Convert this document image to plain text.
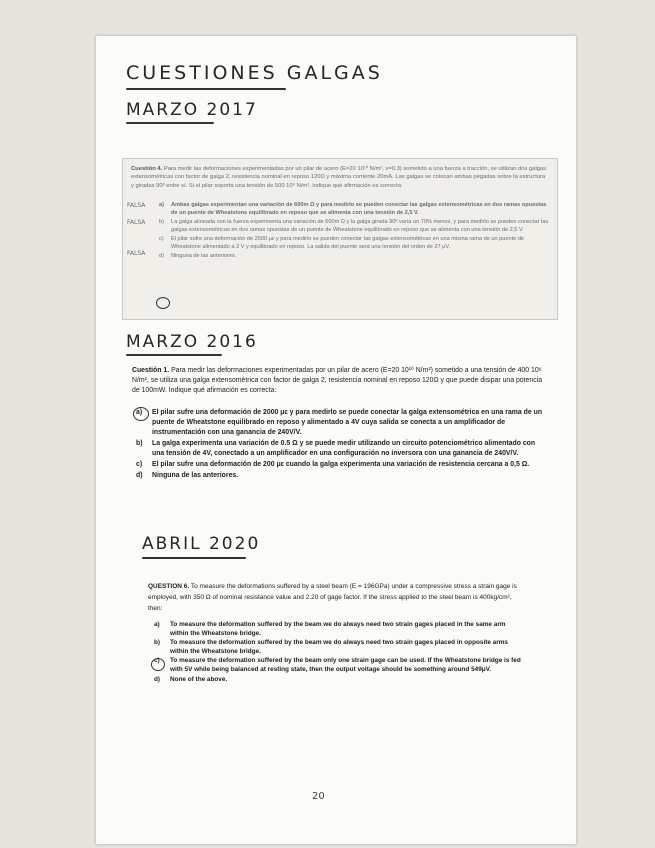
CUESTIONES GALGAS
MARZO 2017
Cuestión 4. Para medir las deformaciones experimentadas por un pilar de acero (E=20 10¹⁰ N/m², ν=0.3) sometido a una fuerza a tracción, se utilizan dos galgas extensométricas con factor de galga 2, resistencia nominal en reposo 120Ω y máxima corriente 20mA. Las galgas se colocan ambas pegadas sobre la estructura y giradas 90º entre sí. Si el pilar soporta una tensión de 500 10⁶ N/m², indique qué afirmación es correcta:
a) Ambas galgas experimentan una variación de 600m Ω y para medirlo se pueden conectar las galgas extensométricas en dos ramas opuestas de un puente de Wheatstone equilibrado en reposo que se alimenta con una tensión de 2,5 V.
b) La galga alineada con la fuerza experimenta una variación de 600m Ω y la galga girada 90º varía un 70% menos, y para medirlo se pueden conectar las galgas extensométricas en dos ramas opuestas de un puente de Wheatstone equilibrado en reposo que se alimenta con una tensión de 2,5 V.
c) El pilar sufre una deformación de 2500 με y para medirlo se pueden conectar las galgas extensométricas en una misma rama de un puente de Wheatstone alimentado a 2 V y equilibrado en reposo. La salida del puente será una tensión del orden de 27 μV.
d) Ninguna de las anteriores.
FALSA
FALSA
FALSA
MARZO 2016
Cuestión 1. Para medir las deformaciones experimentadas por un pilar de acero (E=20 10¹⁰ N/m²) sometido a una tensión de 400 10⁶ N/m², se utiliza una galga extensométrica con factor de galga 2, resistencia nominal en reposo 120Ω y que puede disipar una potencia de 100mW. Indique qué afirmación es correcta:
a) El pilar sufre una deformación de 2000 με y para medirlo se puede conectar la galga extensométrica en una rama de un puente de Wheatstone equilibrado en reposo y alimentado a 4V cuya salida se conecta a un amplificador de instrumentación con una ganancia de 240V/V.
b) La galga experimenta una variación de 0.5 Ω y se puede medir utilizando un circuito potenciométrico alimentado con una tensión de 4V, conectado a un amplificador en una configuración no inversora con una ganancia de 240V/V.
c) El pilar sufre una deformación de 200 με cuando la galga experimenta una variación de resistencia cercana a 0,5 Ω.
d) Ninguna de las anteriores.
ABRIL 2020
QUESTION 6. To measure the deformations suffered by a steel beam (E = 196GPa) under a compressive stress a strain gage is employed, with 350 Ω of nominal resistance value and 2.20 of gage factor. If the stress applied to the steel beam is 400kg/cm², then:
a) To measure the deformation suffered by the beam we do always need two strain gages placed in the same arm within the Wheatstone bridge.
b) To measure the deformation suffered by the beam we do always need two strain gages placed in opposite arms within the Wheatstone bridge.
c) To measure the deformation suffered by the beam only one strain gage can be used. If the Wheatstone bridge is fed with 5V while being balanced at resting state, then the output voltage should be something around 549μV.
d) None of the above.
20
